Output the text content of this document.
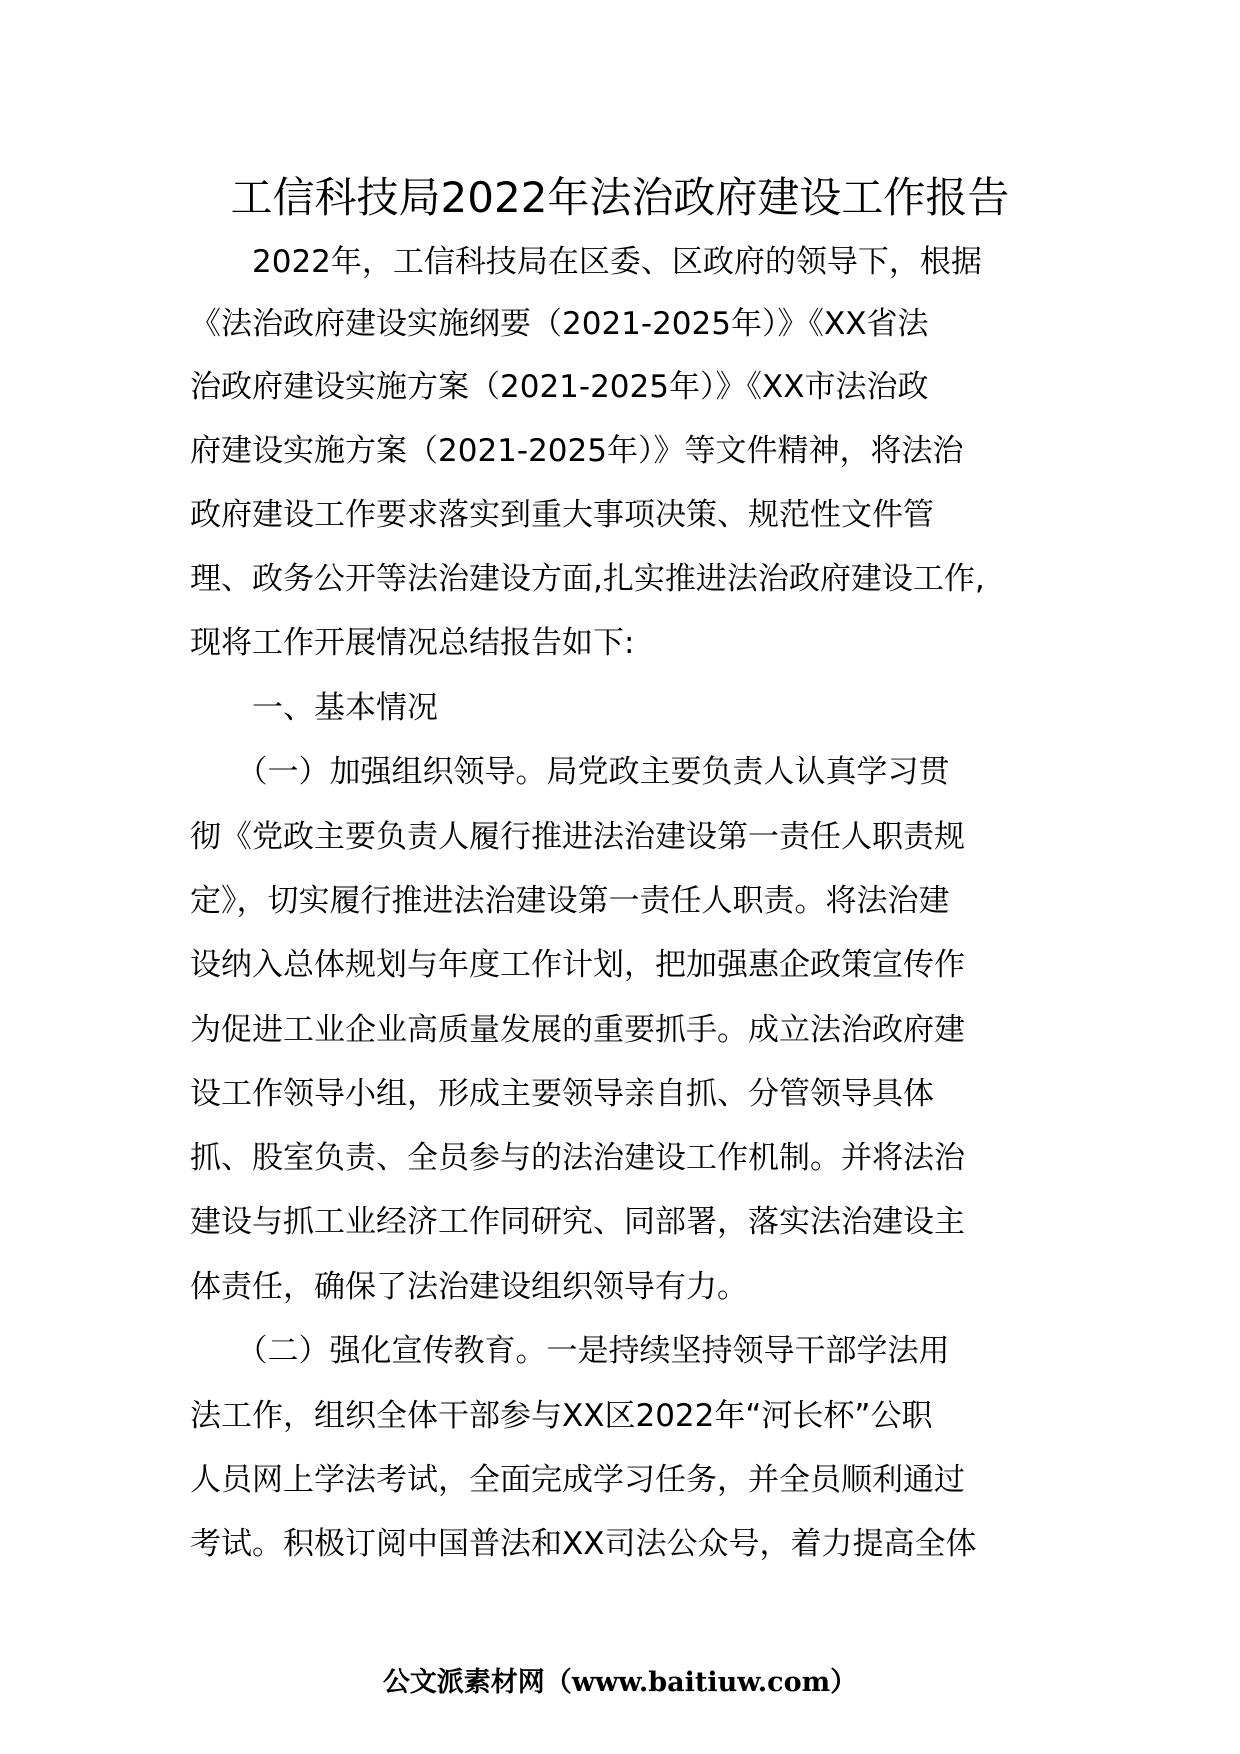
工信科技局2022年法治政府建设工作报告

　　2022年，工信科技局在区委、区政府的领导下，根据

《法治政府建设实施纲要（2021-2025年）》《XX省法

治政府建设实施方案（2021-2025年）》《XX市法治政

府建设实施方案（2021-2025年）》等文件精神，将法治

政府建设工作要求落实到重大事项决策、规范性文件管

理、政务公开等法治建设方面,扎实推进法治政府建设工作,

现将工作开展情况总结报告如下:

　　一、基本情况

　　（一）加强组织领导。局党政主要负责人认真学习贯

彻《党政主要负责人履行推进法治建设第一责任人职责规

定》，切实履行推进法治建设第一责任人职责。将法治建

设纳入总体规划与年度工作计划，把加强惠企政策宣传作

为促进工业企业高质量发展的重要抓手。成立法治政府建

设工作领导小组，形成主要领导亲自抓、分管领导具体

抓、股室负责、全员参与的法治建设工作机制。并将法治

建设与抓工业经济工作同研究、同部署，落实法治建设主

体责任，确保了法治建设组织领导有力。

　　（二）强化宣传教育。一是持续坚持领导干部学法用

法工作，组织全体干部参与XX区2022年“河长杯”公职

人员网上学法考试，全面完成学习任务，并全员顺利通过

考试。积极订阅中国普法和XX司法公众号，着力提高全体

公文派素材网（www.baitiuw.com）
